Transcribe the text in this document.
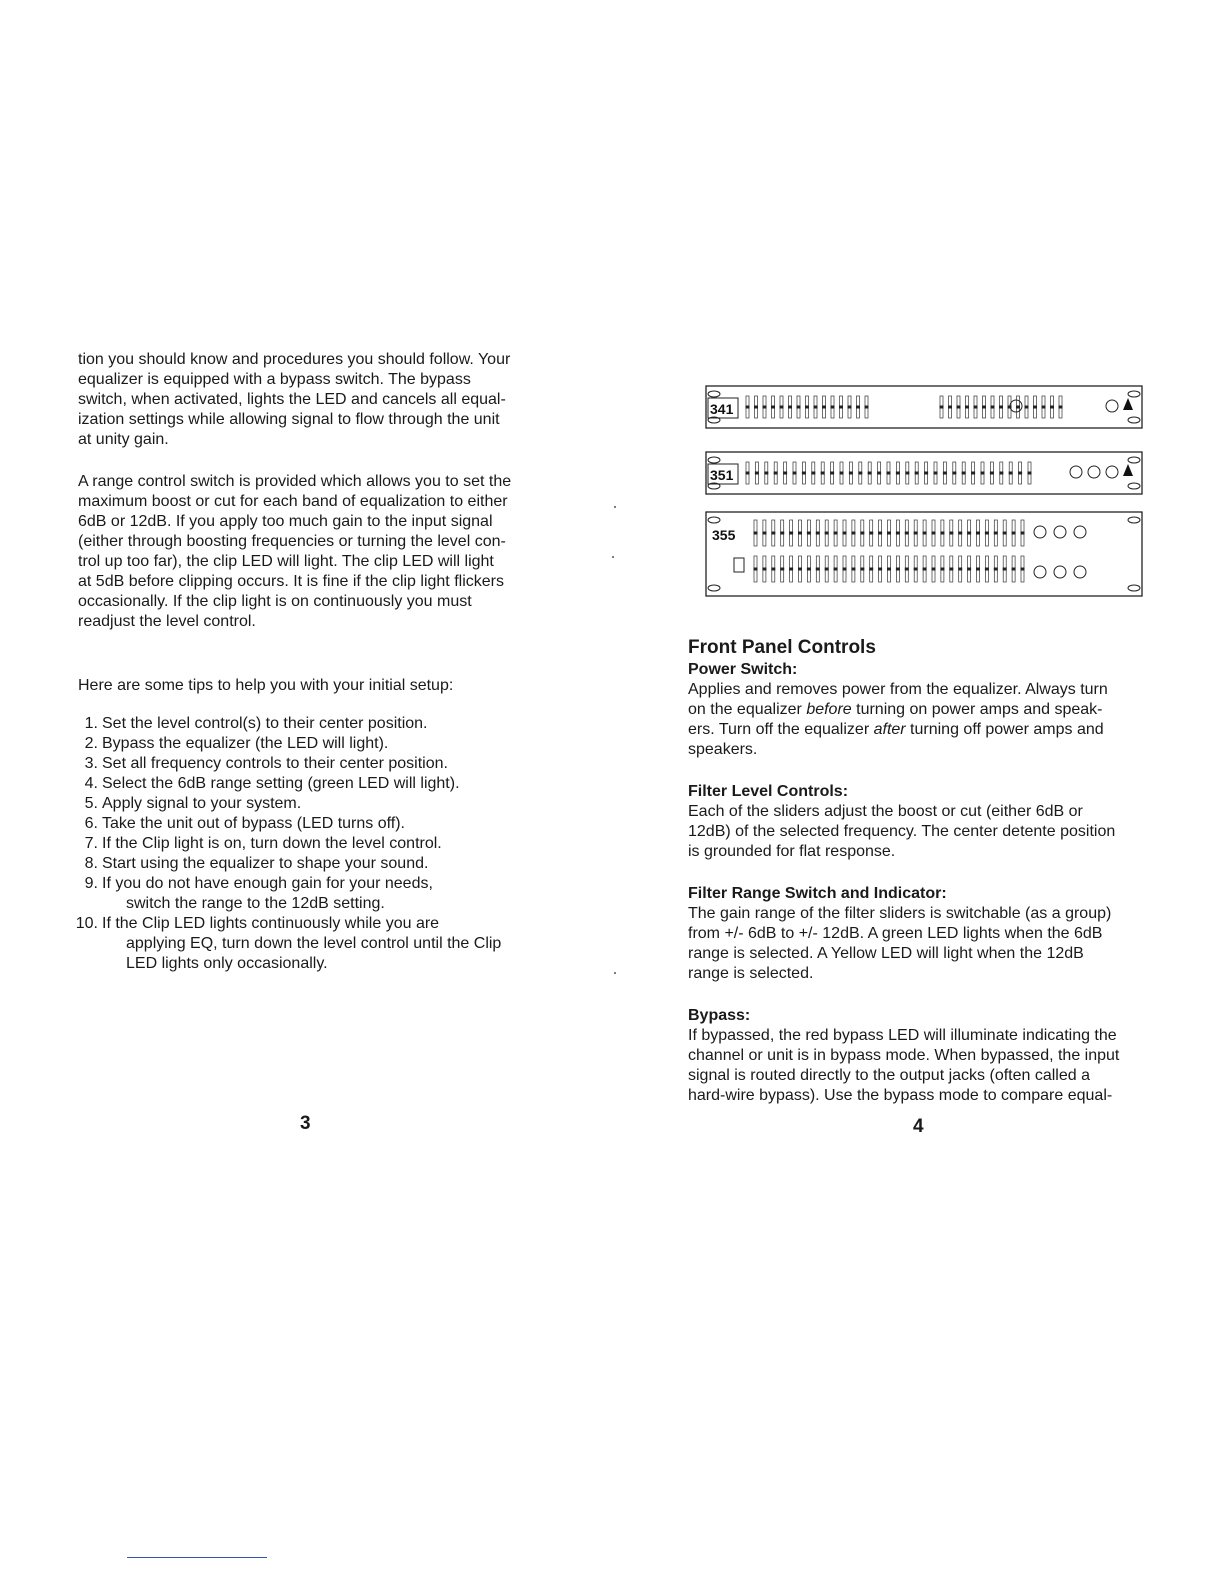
tion you should know and procedures you should follow. Your

equalizer is equipped with a bypass switch. The bypass

switch, when activated, lights the LED and cancels all equal-

ization settings while allowing signal to flow through the unit

at unity gain.

A range control switch is provided which allows you to set the

maximum boost or cut for each band of equalization to either

6dB or 12dB. If you apply too much gain to the input signal

(either through boosting frequencies or turning the level con-

trol up too far), the clip LED will light. The clip LED will light

at 5dB before clipping occurs. It is fine if the clip light flickers

occasionally. If the clip light is on continuously you must

readjust the level control.

Here are some tips to help you with your initial setup:

1. Set the level control(s) to their center position.
2. Bypass the equalizer (the LED will light).
3. Set all frequency controls to their center position.
4. Select the 6dB range setting (green LED will light).
5. Apply signal to your system.
6. Take the unit out of bypass (LED turns off).
7. If the Clip light is on, turn down the level control.
8. Start using the equalizer to shape your sound.
9. If you do not have enough gain for your needs,
switch the range to the 12dB setting.
10. If the Clip LED lights continuously while you are
applying EQ, turn down the level control until the Clip
LED lights only occasionally.
3
341
351
355
Front Panel Controls
Power Switch:

Applies and removes power from the equalizer. Always turn

on the equalizer before turning on power amps and speak-

ers. Turn off the equalizer after turning off power amps and

speakers.

Filter Level Controls:

Each of the sliders adjust the boost or cut (either 6dB or

12dB) of the selected frequency. The center detente position

is grounded for flat response.

Filter Range Switch and Indicator:

The gain range of the filter sliders is switchable (as a group)

from +/- 6dB to +/- 12dB. A green LED lights when the 6dB

range is selected. A Yellow LED will light when the 12dB

range is selected.

Bypass:

If bypassed, the red bypass LED will illuminate indicating the

channel or unit is in bypass mode. When bypassed, the input

signal is routed directly to the output jacks (often called a

hard-wire bypass). Use the bypass mode to compare equal-

4
